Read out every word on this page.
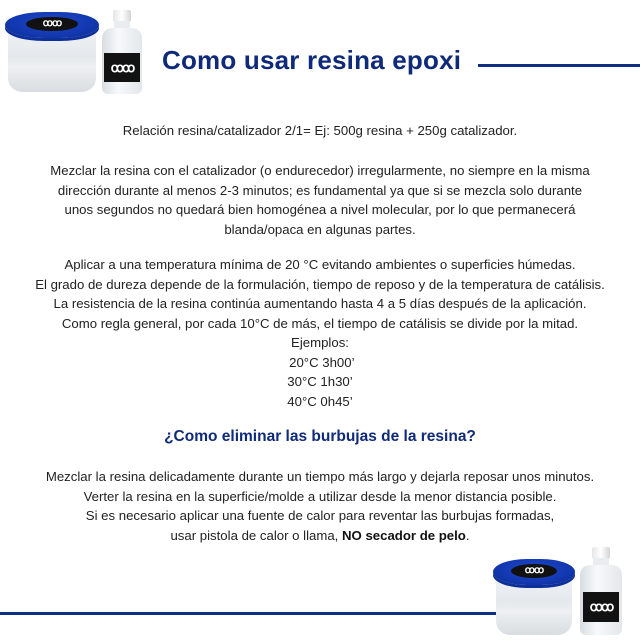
ꝏꝏ
ꝏꝏ Como usar resina epoxi
Relación resina/catalizador 2/1= Ej: 500g resina + 250g catalizador.
Mezclar la resina con el catalizador (o endurecedor) irregularmente, no siempre en la misma
dirección durante al menos 2-3 minutos; es fundamental ya que si se mezcla solo durante
unos segundos no quedará bien homogénea a nivel molecular, por lo que permanecerá
blanda/opaca en algunas partes.
Aplicar a una temperatura mínima de 20 °C evitando ambientes o superficies húmedas.
El grado de dureza depende de la formulación, tiempo de reposo y de la temperatura de catálisis.
La resistencia de la resina continúa aumentando hasta 4 a 5 días después de la aplicación.
Como regla general, por cada 10°C de más, el tiempo de catálisis se divide por la mitad.
Ejemplos:
20°C 3h00’
30°C 1h30’
40°C 0h45’
¿Como eliminar las burbujas de la resina?
Mezclar la resina delicadamente durante un tiempo más largo y dejarla reposar unos minutos.
Verter la resina en la superficie/molde a utilizar desde la menor distancia posible.
Si es necesario aplicar una fuente de calor para reventar las burbujas formadas,
usar pistola de calor o llama, NO secador de pelo.
ꝏꝏ
ꝏꝏ
